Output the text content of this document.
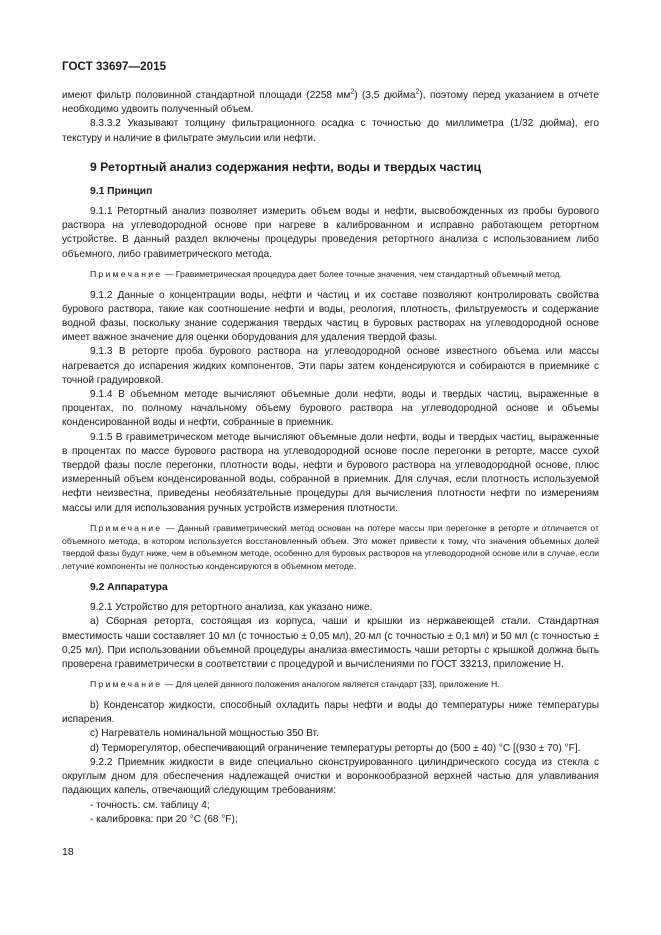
ГОСТ 33697—2015

имеют фильтр половинной стандартной площади (2258 $мм^2$) (3,5 дюйма$^2$), поэтому перед указанием в отчете необходимо удвоить полученный объем.

8.3.3.2 Указывают толщину фильтрационного осадка с точностью до миллиметра (1/32 дюйма), его текстуру и наличие в фильтрате эмульсии или нефти.

9 Ретортный анализ содержания нефти, воды и твердых частиц
9.1 Принцип

9.1.1 Ретортный анализ позволяет измерить объем воды и нефти, высвобожденных из пробы бурового раствора на углеводородной основе при нагреве в калиброванном и исправно работающем ретортном устройстве. В данный раздел включены процедуры проведения ретортного анализа с использованием либо объемного, либо гравиметрического метода.

Примечание — Гравиметрическая процедура дает более точные значения, чем стандартный объемный метод.

9.1.2 Данные о концентрации воды, нефти и частиц и их составе позволяют контролировать свойства бурового раствора, такие как соотношение нефти и воды, реология, плотность, фильтруемость и содержание водной фазы, поскольку знание содержания твердых частиц в буровых растворах на углеводородной основе имеет важное значение для оценки оборудования для удаления твердой фазы.

9.1.3 В реторте проба бурового раствора на углеводородной основе известного объема или массы нагревается до испарения жидких компонентов. Эти пары затем конденсируются и собираются в приемнике с точной градуировкой.

9.1.4 В объемном методе вычисляют объемные доли нефти, воды и твердых частиц, выраженные в процентах, по полному начальному объему бурового раствора на углеводородной основе и объемы конденсированной воды и нефти, собранные в приемник.

9.1.5 В гравиметрическом методе вычисляют объемные доли нефти, воды и твердых частиц, выраженные в процентах по массе бурового раствора на углеводородной основе после перегонки в реторте, массе сухой твердой фазы после перегонки, плотности воды, нефти и бурового раствора на углеводородной основе, плюс измеренный объем конденсированной воды, собранной в приемник. Для случая, если плотность используемой нефти неизвестна, приведены необязательные процедуры для вычисления плотности нефти по измерениям массы или для использования ручных устройств измерения плотности.

Примечание — Данный гравиметрический метод основан на потере массы при перегонке в реторте и отличается от объемного метода, в котором используется восстановленный объем. Это может привести к тому, что значения объемных долей твердой фазы будут ниже, чем в объемном методе, особенно для буровых растворов на углеводородной основе или в случае, если летучие компоненты не полностью конденсируются в объемном методе.

9.2 Аппаратура

9.2.1 Устройство для ретортного анализа, как указано ниже.

a) Сборная реторта, состоящая из корпуса, чаши и крышки из нержавеющей стали. Стандартная вместимость чаши составляет 10 мл (с точностью ± 0,05 мл), 20 мл (с точностью ± 0,1 мл) и 50 мл (с точностью ± 0,25 мл). При использовании объемной процедуры анализа вместимость чаши реторты с крышкой должна быть проверена гравиметрически в соответствии с процедурой и вычислениями по ГОСТ 33213, приложение Н.

Примечание — Для целей данного положения аналогом является стандарт [33], приложение Н.

b) Конденсатор жидкости, способный охладить пары нефти и воды до температуры ниже температуры испарения.

c) Нагреватель номинальной мощностью 350 Вт.

d) Терморегулятор, обеспечивающий ограничение температуры реторты до (500 ± 40) °C [(930 ± 70) °F].

9.2.2 Приемник жидкости в виде специально сконструированного цилиндрического сосуда из стекла с округлым дном для обеспечения надлежащей очистки и воронкообразной верхней частью для улавливания падающих капель, отвечающий следующим требованиям:

- точность: см. таблицу 4;

- калибровка: при 20 °C (68 °F);

18
